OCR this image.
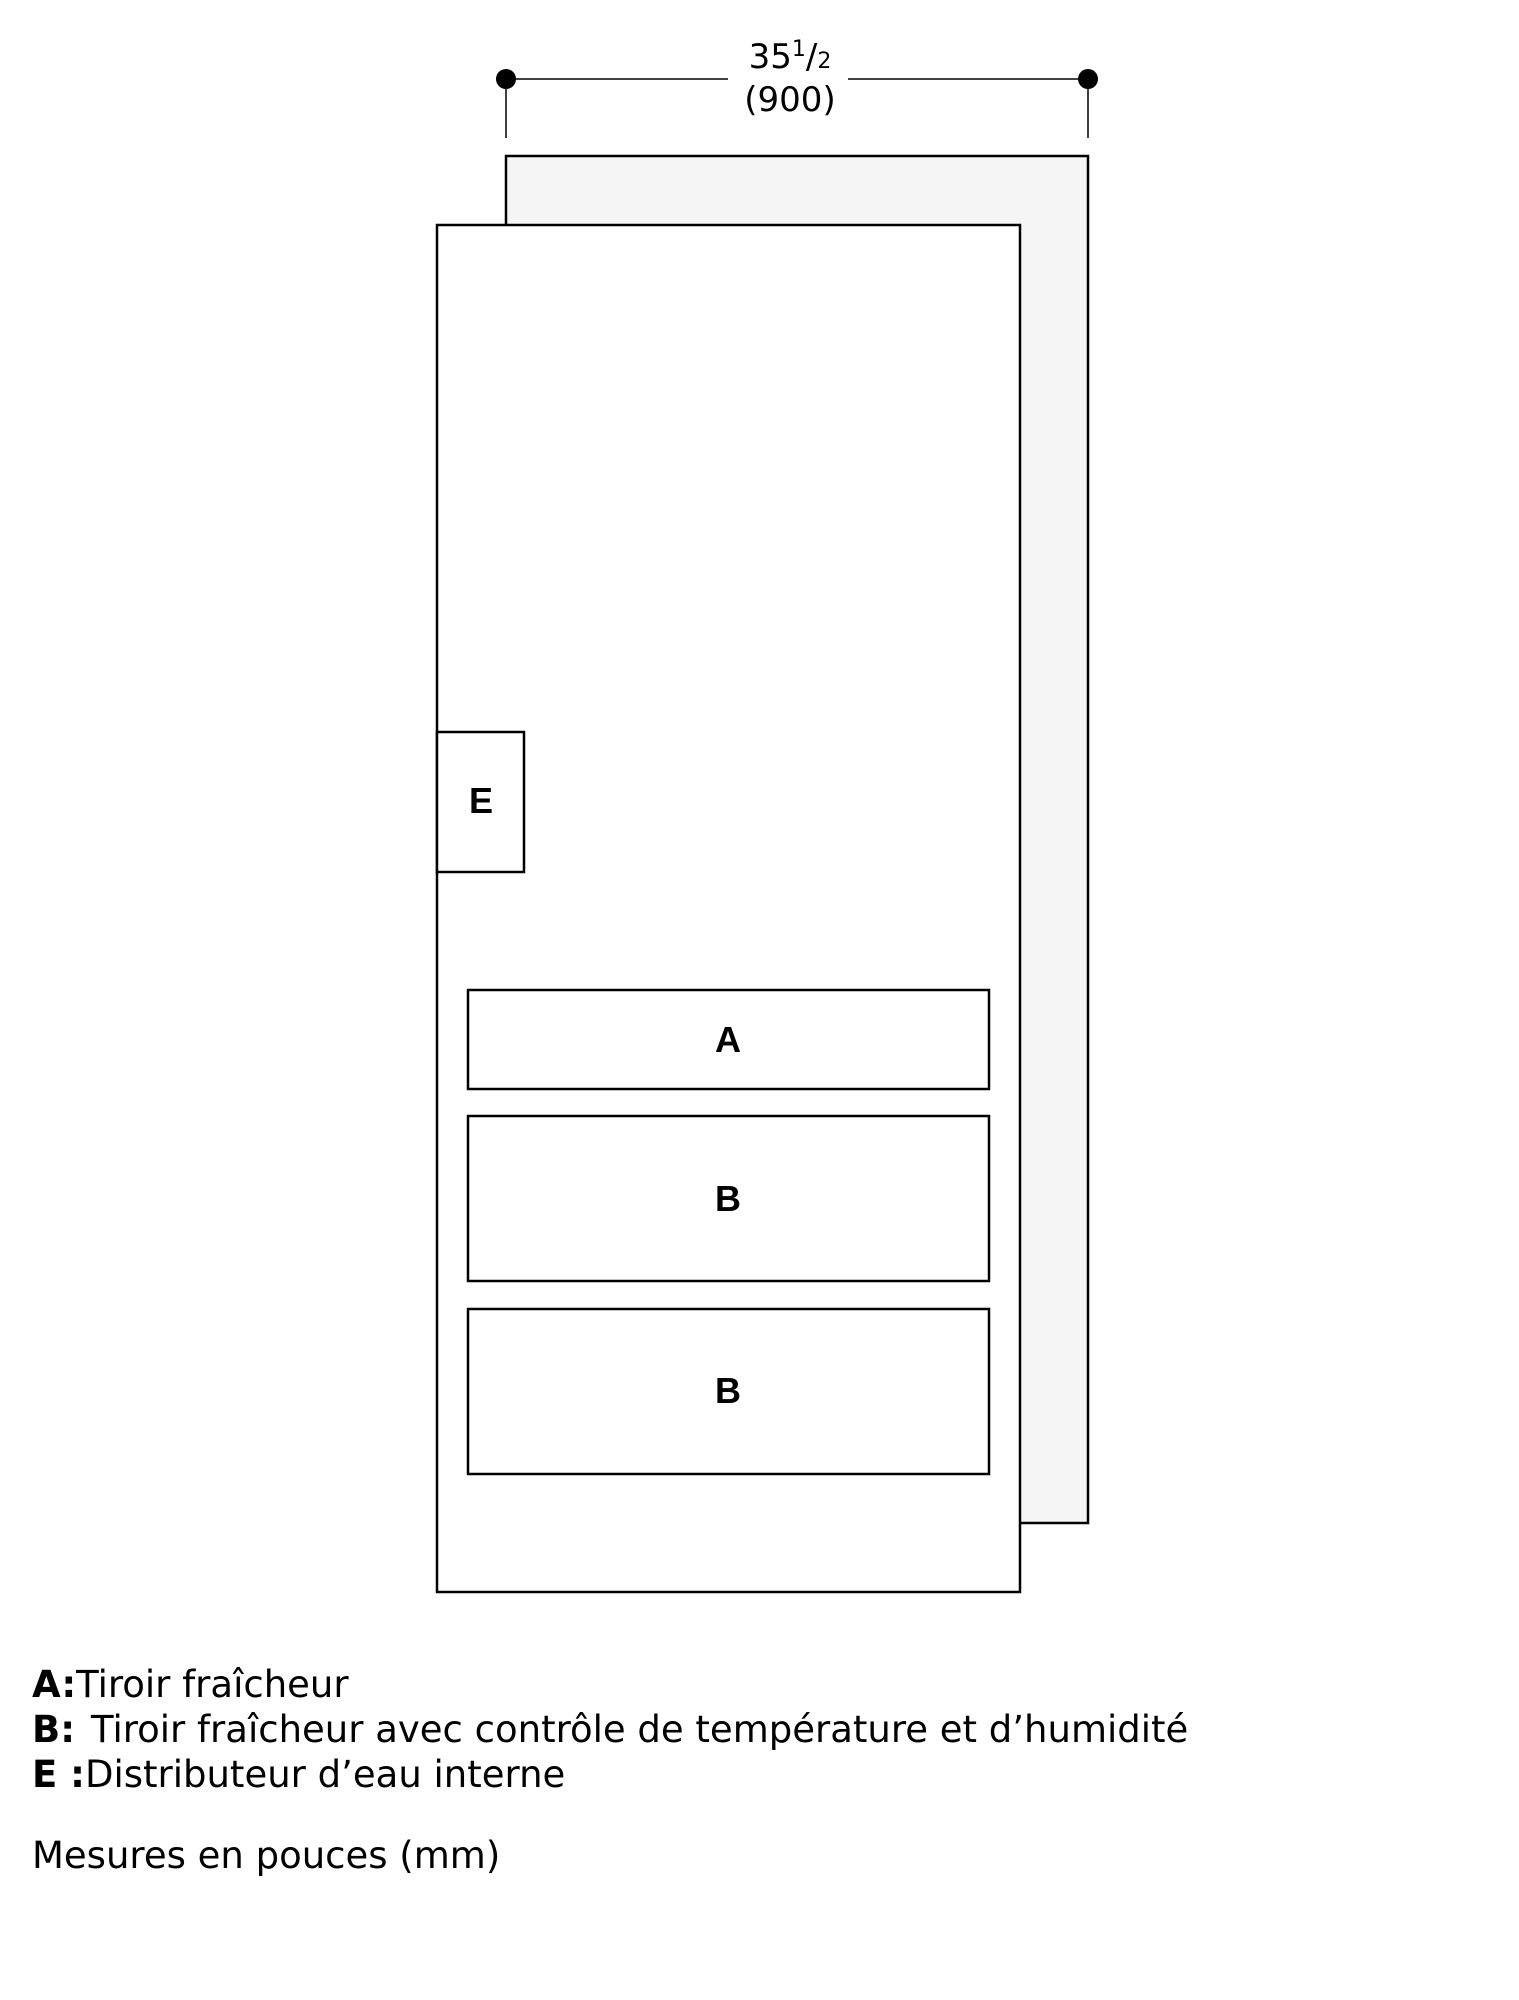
351/2
(900)
E
A
B
B
A:Tiroir fraîcheur
B: Tiroir fraîcheur avec contrôle de température et d’humidité
E :Distributeur d’eau interne
Mesures en pouces (mm)
